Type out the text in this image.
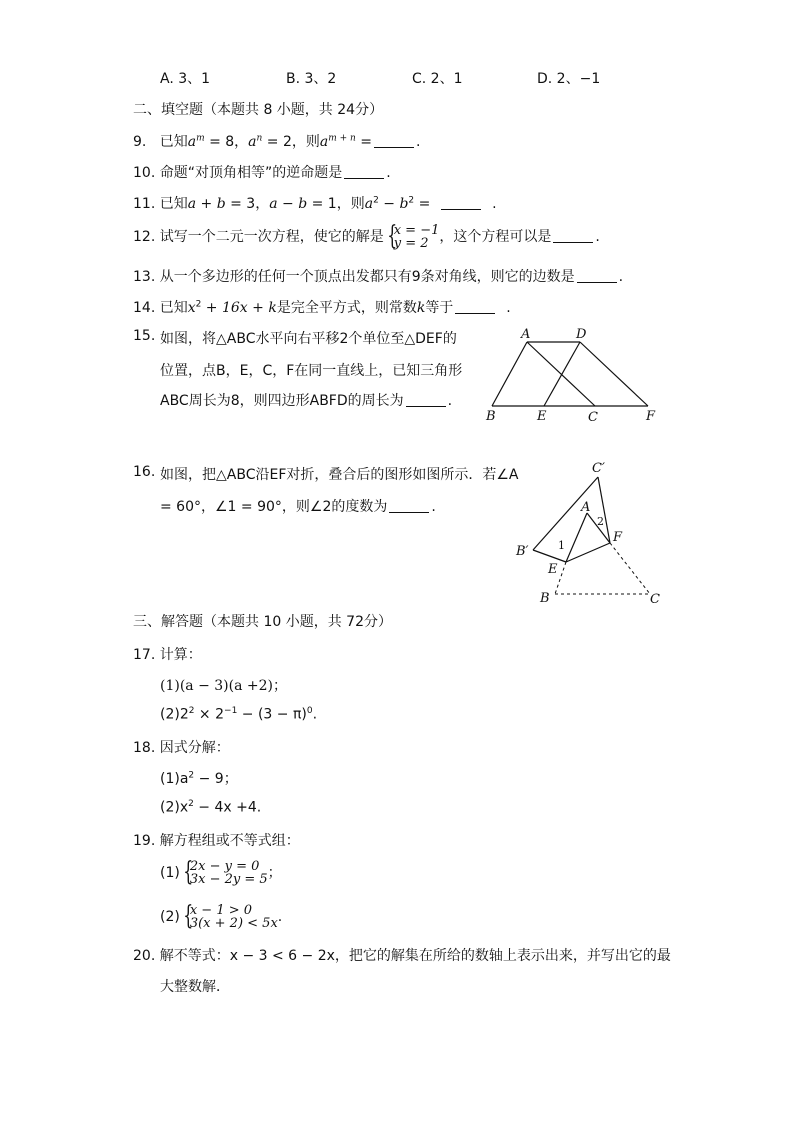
A. 3、1	B. 3、2	C. 2、1	D. 2、−1
二、填空题（本题共 8 小题，共 24分）
9. 已知$a^m = 8$，$a^n = 2$，则$a^{m + n}$ =	.
10. 命题“对顶角相等”的逆命题是	.
11. 已知a + b = 3，a − b = 1，则$a^2 - b^2$ =	.
12. 试写一个二元一次方程，使它的解是 {
x = −1
y = 2 ，这个方程可以是	.
13. 从一个多边形的任何一个顶点出发都只有9条对角线，则它的边数是	.
14. 已知$x^2 + 16x + k$是完全平方式，则常数k等于	.
15. 如图，将△ABC水平向右平移2个单位至△DEF的
位置，点B，E，C，F在同一直线上，已知三角形
ABC周长为8，则四边形ABFD的周长为	.
A	D
B	E	C	F
16. 如图，把△ABC沿EF对折，叠合后的图形如图所示．若∠A
= 60°，∠1 = 90°，则∠2的度数为	.
C′
A
2
F
B′	1
E
B	C
三、解答题（本题共 10 小题，共 72分）
17. 计算：
(1)(a − 3)(a +2)；
$(2)2^2 \times 2^{-1} - (3 - \pi)^0$.
18. 因式分解：
$(1)a^2 - 9$；
$(2)x^2 - 4x +4$.
19. 解方程组或不等式组：
(1) {
2x − y = 0
3x − 2y = 5 ；
(2) {
x − 1 > 0
3(x + 2) < 5x .
20. 解不等式：x − 3 < 6 − 2x，把它的解集在所给的数轴上表示出来，并写出它的最
大整数解．
